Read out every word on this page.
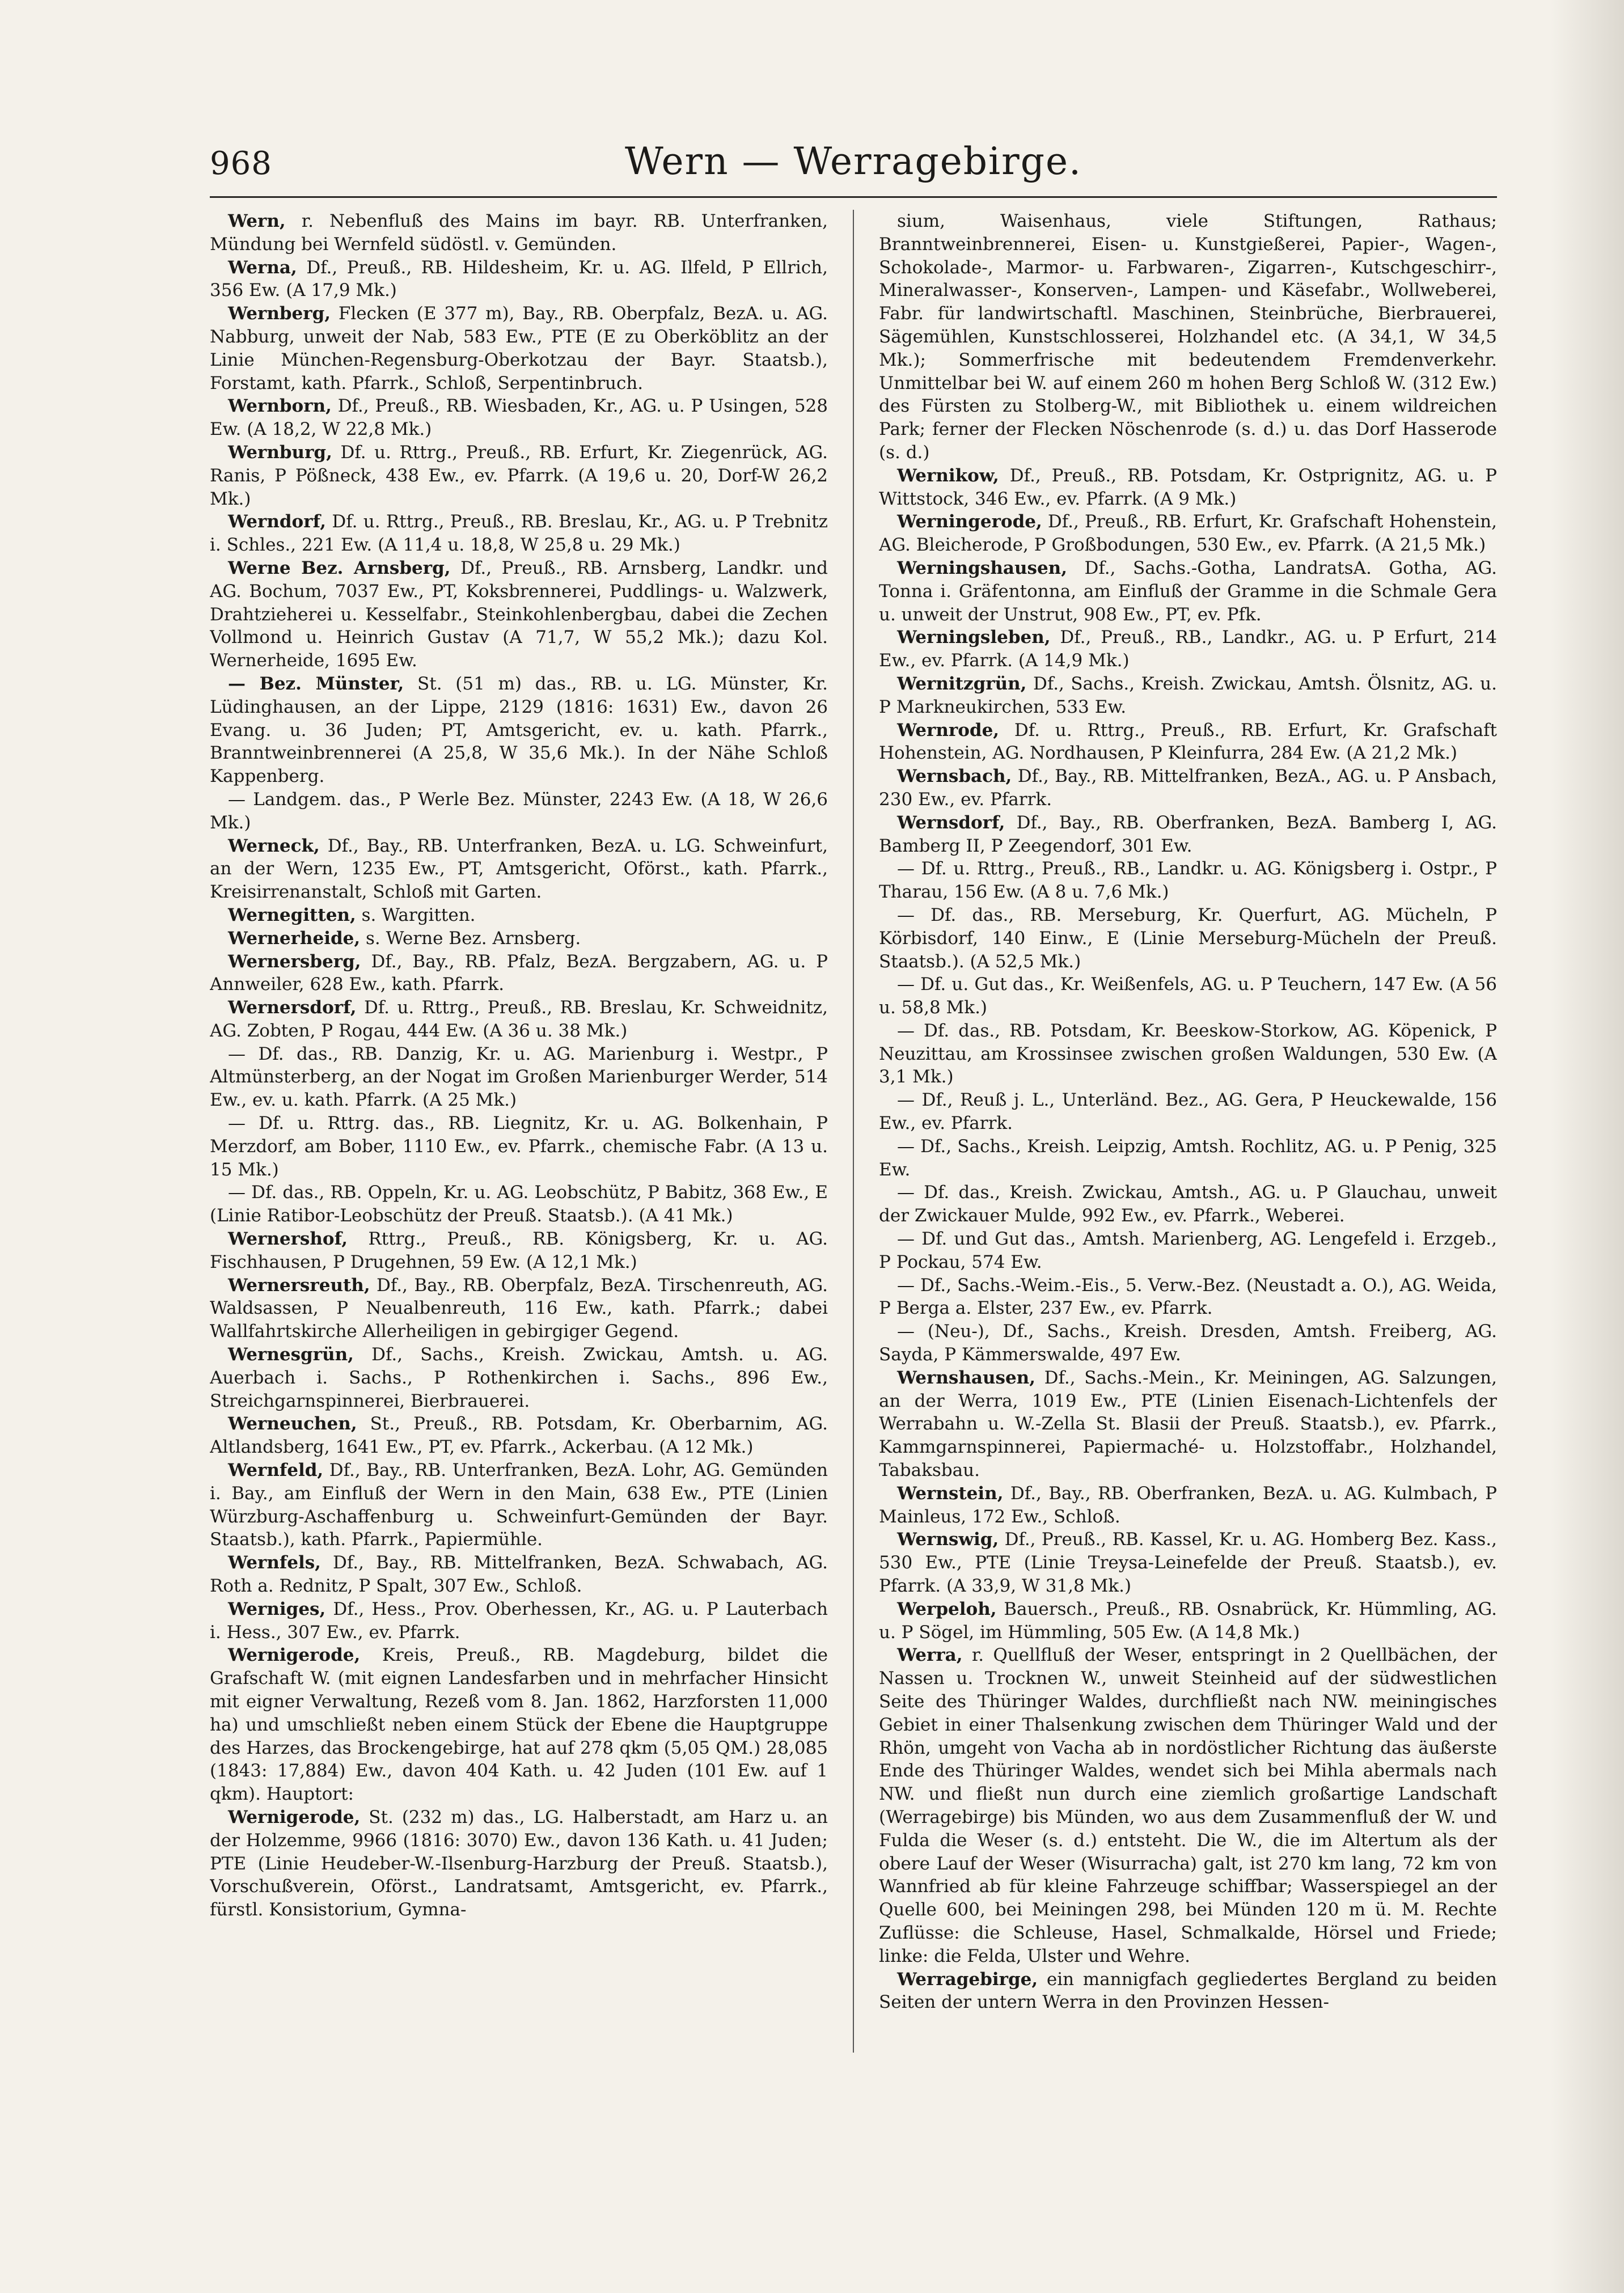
968	Wern — Werragebirge.

Wern, r. Nebenfluß des Mains im bayr. RB. Unterfranken, Mündung bei Wernfeld südöstl. v. Gemünden.

Werna, Df., Preuß., RB. Hildesheim, Kr. u. AG. Ilfeld, P Ellrich, 356 Ew. (A 17,9 Mk.)

Wernberg, Flecken (E 377 m), Bay., RB. Oberpfalz, BezA. u. AG. Nabburg, unweit der Nab, 583 Ew., PTE (E zu Oberköblitz an der Linie München-Regensburg-Oberkotzau der Bayr. Staatsb.), Forstamt, kath. Pfarrk., Schloß, Serpentinbruch.

Wernborn, Df., Preuß., RB. Wiesbaden, Kr., AG. u. P Usingen, 528 Ew. (A 18,2, W 22,8 Mk.)

Wernburg, Df. u. Rttrg., Preuß., RB. Erfurt, Kr. Ziegenrück, AG. Ranis, P Pößneck, 438 Ew., ev. Pfarrk. (A 19,6 u. 20, Dorf-W 26,2 Mk.)

Werndorf, Df. u. Rttrg., Preuß., RB. Breslau, Kr., AG. u. P Trebnitz i. Schles., 221 Ew. (A 11,4 u. 18,8, W 25,8 u. 29 Mk.)

Werne Bez. Arnsberg, Df., Preuß., RB. Arnsberg, Landkr. und AG. Bochum, 7037 Ew., PT, Koksbrennerei, Puddlings- u. Walzwerk, Drahtzieherei u. Kesselfabr., Steinkohlenbergbau, dabei die Zechen Vollmond u. Heinrich Gustav (A 71,7, W 55,2 Mk.); dazu Kol. Wernerheide, 1695 Ew.

— Bez. Münster, St. (51 m) das., RB. u. LG. Münster, Kr. Lüdinghausen, an der Lippe, 2129 (1816: 1631) Ew., davon 26 Evang. u. 36 Juden; PT, Amtsgericht, ev. u. kath. Pfarrk., Branntweinbrennerei (A 25,8, W 35,6 Mk.). In der Nähe Schloß Kappenberg.

— Landgem. das., P Werle Bez. Münster, 2243 Ew. (A 18, W 26,6 Mk.)

Werneck, Df., Bay., RB. Unterfranken, BezA. u. LG. Schweinfurt, an der Wern, 1235 Ew., PT, Amtsgericht, Oförst., kath. Pfarrk., Kreisirrenanstalt, Schloß mit Garten.

Wernegitten, s. Wargitten.

Wernerheide, s. Werne Bez. Arnsberg.

Wernersberg, Df., Bay., RB. Pfalz, BezA. Bergzabern, AG. u. P Annweiler, 628 Ew., kath. Pfarrk.

Wernersdorf, Df. u. Rttrg., Preuß., RB. Breslau, Kr. Schweidnitz, AG. Zobten, P Rogau, 444 Ew. (A 36 u. 38 Mk.)

— Df. das., RB. Danzig, Kr. u. AG. Marienburg i. Westpr., P Altmünsterberg, an der Nogat im Großen Marienburger Werder, 514 Ew., ev. u. kath. Pfarrk. (A 25 Mk.)

— Df. u. Rttrg. das., RB. Liegnitz, Kr. u. AG. Bolkenhain, P Merzdorf, am Bober, 1110 Ew., ev. Pfarrk., chemische Fabr. (A 13 u. 15 Mk.)

— Df. das., RB. Oppeln, Kr. u. AG. Leobschütz, P Babitz, 368 Ew., E (Linie Ratibor-Leobschütz der Preuß. Staatsb.). (A 41 Mk.)

Wernershof, Rttrg., Preuß., RB. Königsberg, Kr. u. AG. Fischhausen, P Drugehnen, 59 Ew. (A 12,1 Mk.)

Wernersreuth, Df., Bay., RB. Oberpfalz, BezA. Tirschenreuth, AG. Waldsassen, P Neualbenreuth, 116 Ew., kath. Pfarrk.; dabei Wallfahrtskirche Allerheiligen in gebirgiger Gegend.

Wernesgrün, Df., Sachs., Kreish. Zwickau, Amtsh. u. AG. Auerbach i. Sachs., P Rothenkirchen i. Sachs., 896 Ew., Streichgarnspinnerei, Bierbrauerei.

Werneuchen, St., Preuß., RB. Potsdam, Kr. Oberbarnim, AG. Altlandsberg, 1641 Ew., PT, ev. Pfarrk., Ackerbau. (A 12 Mk.)

Wernfeld, Df., Bay., RB. Unterfranken, BezA. Lohr, AG. Gemünden i. Bay., am Einfluß der Wern in den Main, 638 Ew., PTE (Linien Würzburg-Aschaffenburg u. Schweinfurt-Gemünden der Bayr. Staatsb.), kath. Pfarrk., Papiermühle.

Wernfels, Df., Bay., RB. Mittelfranken, BezA. Schwabach, AG. Roth a. Rednitz, P Spalt, 307 Ew., Schloß.

Werniges, Df., Hess., Prov. Oberhessen, Kr., AG. u. P Lauterbach i. Hess., 307 Ew., ev. Pfarrk.

Wernigerode, Kreis, Preuß., RB. Magdeburg, bildet die Grafschaft W. (mit eignen Landesfarben und in mehrfacher Hinsicht mit eigner Verwaltung, Rezeß vom 8. Jan. 1862, Harzforsten 11,000 ha) und umschließt neben einem Stück der Ebene die Hauptgruppe des Harzes, das Brockengebirge, hat auf 278 qkm (5,05 QM.) 28,085 (1843: 17,884) Ew., davon 404 Kath. u. 42 Juden (101 Ew. auf 1 qkm). Hauptort:

Wernigerode, St. (232 m) das., LG. Halberstadt, am Harz u. an der Holzemme, 9966 (1816: 3070) Ew., davon 136 Kath. u. 41 Juden; PTE (Linie Heudeber-W.-Ilsenburg-Harzburg der Preuß. Staatsb.), Vorschußverein, Oförst., Landratsamt, Amtsgericht, ev. Pfarrk., fürstl. Konsistorium, Gymna-

sium, Waisenhaus, viele Stiftungen, Rathaus; Branntweinbrennerei, Eisen- u. Kunstgießerei, Papier-, Wagen-, Schokolade-, Marmor- u. Farbwaren-, Zigarren-, Kutschgeschirr-, Mineralwasser-, Konserven-, Lampen- und Käsefabr., Wollweberei, Fabr. für landwirtschaftl. Maschinen, Steinbrüche, Bierbrauerei, Sägemühlen, Kunstschlosserei, Holzhandel etc. (A 34,1, W 34,5 Mk.); Sommerfrische mit bedeutendem Fremdenverkehr. Unmittelbar bei W. auf einem 260 m hohen Berg Schloß W. (312 Ew.) des Fürsten zu Stolberg-W., mit Bibliothek u. einem wildreichen Park; ferner der Flecken Nöschenrode (s. d.) u. das Dorf Hasserode (s. d.)

Wernikow, Df., Preuß., RB. Potsdam, Kr. Ostprignitz, AG. u. P Wittstock, 346 Ew., ev. Pfarrk. (A 9 Mk.)

Werningerode, Df., Preuß., RB. Erfurt, Kr. Grafschaft Hohenstein, AG. Bleicherode, P Großbodungen, 530 Ew., ev. Pfarrk. (A 21,5 Mk.)

Werningshausen, Df., Sachs.-Gotha, LandratsA. Gotha, AG. Tonna i. Gräfentonna, am Einfluß der Gramme in die Schmale Gera u. unweit der Unstrut, 908 Ew., PT, ev. Pfk.

Werningsleben, Df., Preuß., RB., Landkr., AG. u. P Erfurt, 214 Ew., ev. Pfarrk. (A 14,9 Mk.)

Wernitzgrün, Df., Sachs., Kreish. Zwickau, Amtsh. Ölsnitz, AG. u. P Markneukirchen, 533 Ew.

Wernrode, Df. u. Rttrg., Preuß., RB. Erfurt, Kr. Grafschaft Hohenstein, AG. Nordhausen, P Kleinfurra, 284 Ew. (A 21,2 Mk.)

Wernsbach, Df., Bay., RB. Mittelfranken, BezA., AG. u. P Ansbach, 230 Ew., ev. Pfarrk.

Wernsdorf, Df., Bay., RB. Oberfranken, BezA. Bamberg I, AG. Bamberg II, P Zeegendorf, 301 Ew.

— Df. u. Rttrg., Preuß., RB., Landkr. u. AG. Königsberg i. Ostpr., P Tharau, 156 Ew. (A 8 u. 7,6 Mk.)

— Df. das., RB. Merseburg, Kr. Querfurt, AG. Mücheln, P Körbisdorf, 140 Einw., E (Linie Merseburg-Mücheln der Preuß. Staatsb.). (A 52,5 Mk.)

— Df. u. Gut das., Kr. Weißenfels, AG. u. P Teuchern, 147 Ew. (A 56 u. 58,8 Mk.)

— Df. das., RB. Potsdam, Kr. Beeskow-Storkow, AG. Köpenick, P Neuzittau, am Krossinsee zwischen großen Waldungen, 530 Ew. (A 3,1 Mk.)

— Df., Reuß j. L., Unterländ. Bez., AG. Gera, P Heuckewalde, 156 Ew., ev. Pfarrk.

— Df., Sachs., Kreish. Leipzig, Amtsh. Rochlitz, AG. u. P Penig, 325 Ew.

— Df. das., Kreish. Zwickau, Amtsh., AG. u. P Glauchau, unweit der Zwickauer Mulde, 992 Ew., ev. Pfarrk., Weberei.

— Df. und Gut das., Amtsh. Marienberg, AG. Lengefeld i. Erzgeb., P Pockau, 574 Ew.

— Df., Sachs.-Weim.-Eis., 5. Verw.-Bez. (Neustadt a. O.), AG. Weida, P Berga a. Elster, 237 Ew., ev. Pfarrk.

— (Neu-), Df., Sachs., Kreish. Dresden, Amtsh. Freiberg, AG. Sayda, P Kämmerswalde, 497 Ew.

Wernshausen, Df., Sachs.-Mein., Kr. Meiningen, AG. Salzungen, an der Werra, 1019 Ew., PTE (Linien Eisenach-Lichtenfels der Werrabahn u. W.-Zella St. Blasii der Preuß. Staatsb.), ev. Pfarrk., Kammgarnspinnerei, Papiermaché- u. Holzstoffabr., Holzhandel, Tabaksbau.

Wernstein, Df., Bay., RB. Oberfranken, BezA. u. AG. Kulmbach, P Mainleus, 172 Ew., Schloß.

Wernswig, Df., Preuß., RB. Kassel, Kr. u. AG. Homberg Bez. Kass., 530 Ew., PTE (Linie Treysa-Leinefelde der Preuß. Staatsb.), ev. Pfarrk. (A 33,9, W 31,8 Mk.)

Werpeloh, Bauersch., Preuß., RB. Osnabrück, Kr. Hümmling, AG. u. P Sögel, im Hümmling, 505 Ew. (A 14,8 Mk.)

Werra, r. Quellfluß der Weser, entspringt in 2 Quellbächen, der Nassen u. Trocknen W., unweit Steinheid auf der südwestlichen Seite des Thüringer Waldes, durchfließt nach NW. meiningisches Gebiet in einer Thalsenkung zwischen dem Thüringer Wald und der Rhön, umgeht von Vacha ab in nordöstlicher Richtung das äußerste Ende des Thüringer Waldes, wendet sich bei Mihla abermals nach NW. und fließt nun durch eine ziemlich großartige Landschaft (Werragebirge) bis Münden, wo aus dem Zusammenfluß der W. und Fulda die Weser (s. d.) entsteht. Die W., die im Altertum als der obere Lauf der Weser (Wisurracha) galt, ist 270 km lang, 72 km von Wannfried ab für kleine Fahrzeuge schiffbar; Wasserspiegel an der Quelle 600, bei Meiningen 298, bei Münden 120 m ü. M. Rechte Zuflüsse: die Schleuse, Hasel, Schmalkalde, Hörsel und Friede; linke: die Felda, Ulster und Wehre.

Werragebirge, ein mannigfach gegliedertes Bergland zu beiden Seiten der untern Werra in den Provinzen Hessen-
